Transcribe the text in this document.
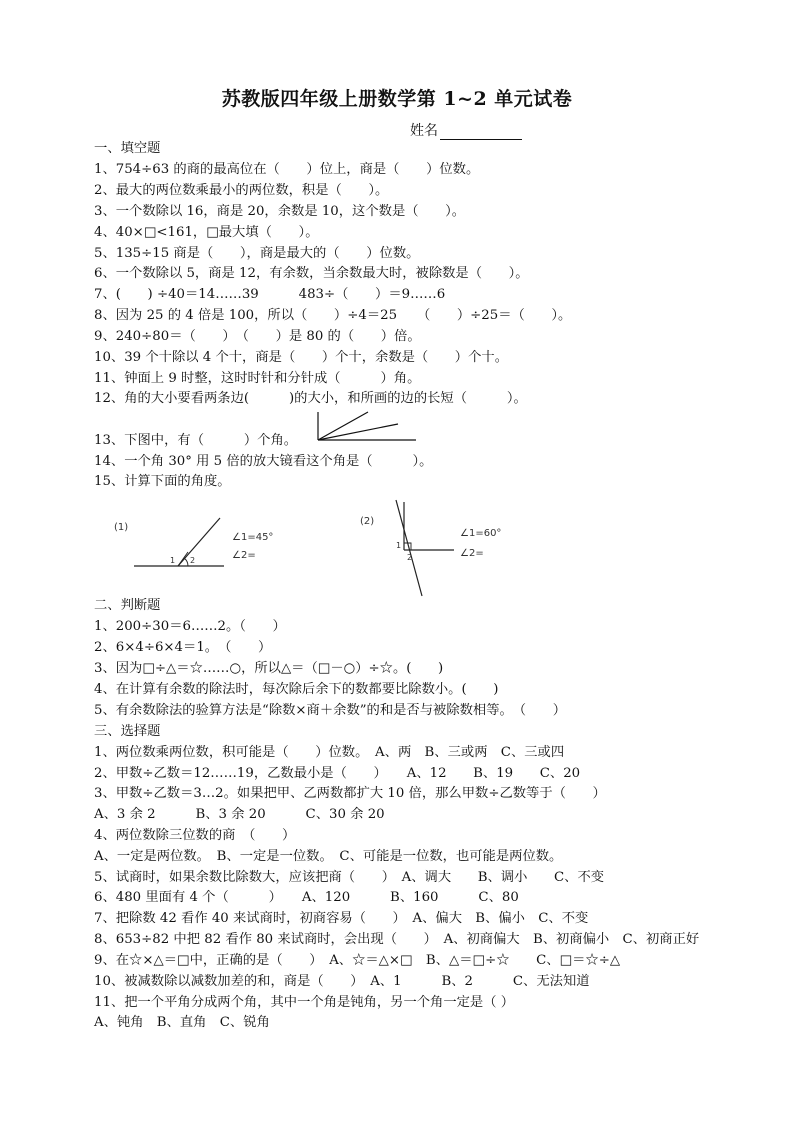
苏教版四年级上册数学第 1~2 单元试卷
姓名
一、填空题
1、754÷63 的商的最高位在（　　）位上，商是（　　）位数。
2、最大的两位数乘最小的两位数，积是（　　）。
3、一个数除以 16，商是 20，余数是 10，这个数是（　　）。
4、40×□<161，□最大填（　　）。
5、135÷15 商是（　　），商是最大的（　　）位数。
6、一个数除以 5，商是 12，有余数，当余数最大时，被除数是（　　）。
7、(　　) ÷40＝14……39　　　483÷（　　）＝9……6
8、因为 25 的 4 倍是 100，所以（　　）÷4＝25　　（　　）÷25＝（　　）。
9、240÷80＝（　　）　（　　）是 80 的（　　）倍。
10、39 个十除以 4 个十，商是（　　）个十，余数是（　　）个十。
11、钟面上 9 时整，这时时针和分针成（　　　）角。
12、角的大小要看两条边(　　　)的大小，和所画的边的长短（　　　）。
13、下图中，有（　　　）个角。
14、一个角 30° 用 5 倍的放大镜看这个角是（　　　）。
15、计算下面的角度。
(1)
1 2
∠1=45°
∠2=
(2)
1
2
∠1=60°
∠2=
二、判断题
1、200÷30＝6……2。（　　）
2、6×4÷6×4＝1。　（　　）
3、因为□÷△＝☆……○，所以△＝（□－○）÷☆。(　　)
4、在计算有余数的除法时，每次除后余下的数都要比除数小。(　　)
5、有余数除法的验算方法是“除数×商＋余数”的和是否与被除数相等。　（　　）
三、选择题
1、两位数乘两位数，积可能是（　　）位数。　A、两　B、三或两　C、三或四
2、甲数÷乙数＝12……19，乙数最小是（　　）　　A、12　　B、19　　C、20
3、甲数÷乙数＝3…2。如果把甲、乙两数都扩大 10 倍，那么甲数÷乙数等于（　　）
A、3 余 2　　　B、3 余 20　　　C、30 余 20
4、两位数除三位数的商　（　　）
A、一定是两位数。　B、一定是一位数。　C、可能是一位数，也可能是两位数。
5、试商时，如果余数比除数大，应该把商（　　）　A、调大　　B、调小　　C、不变
6、480 里面有 4 个（　　　）　　A、120　　　B、160　　　C、80
7、把除数 42 看作 40 来试商时，初商容易（　　）　A、偏大　B、偏小　C、不变
8、653÷82 中把 82 看作 80 来试商时，会出现（　　）　A、初商偏大　B、初商偏小　C、初商正好
9、在☆×△＝□中，正确的是（　　）　A、☆＝△×□　B、△＝□÷☆　　C、□＝☆÷△
10、被减数除以减数加差的和，商是（　　）　A、1　　　B、2　　　C、无法知道
11、把一个平角分成两个角，其中一个角是钝角，另一个角一定是（ ）
A、钝角　B、直角　C、锐角
